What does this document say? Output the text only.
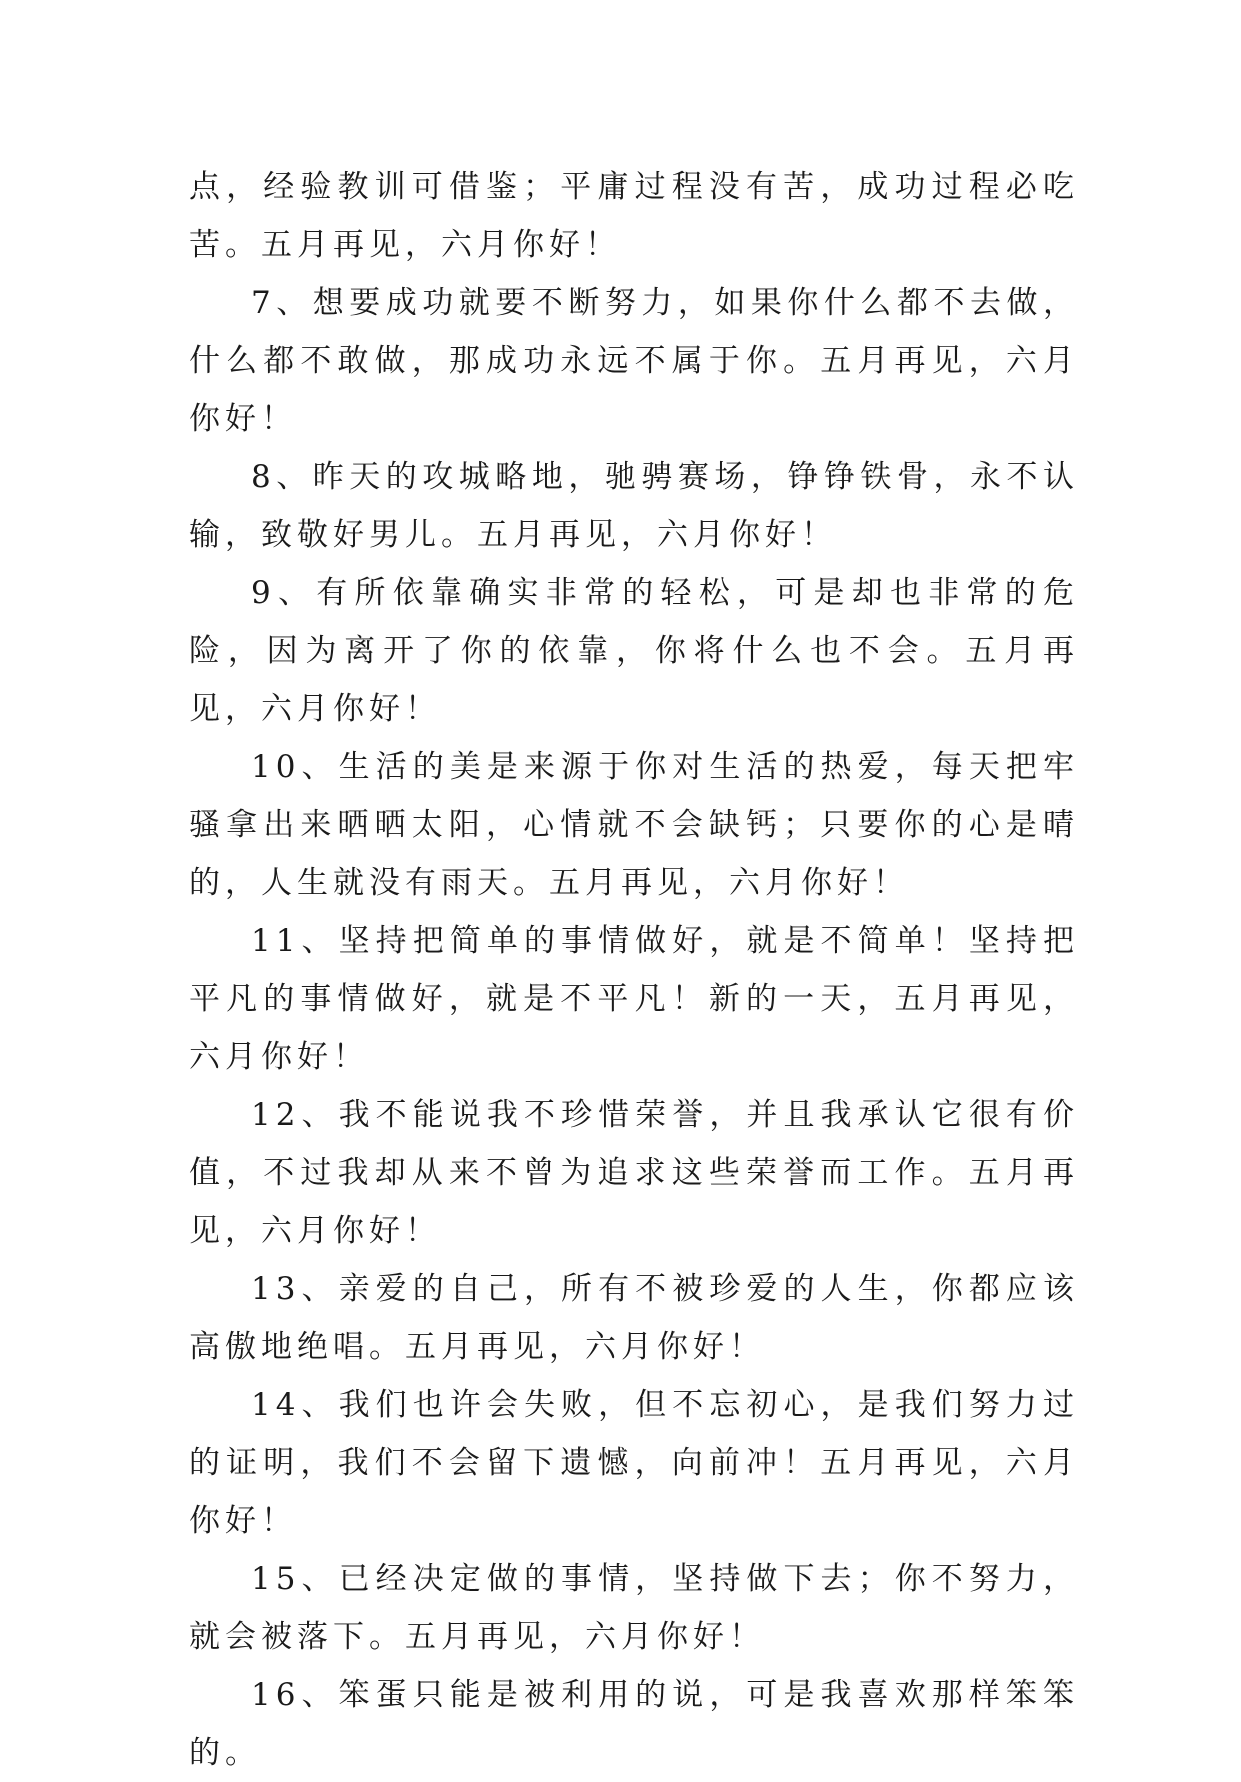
点，经验教训可借鉴；平庸过程没有苦，成功过程必吃苦。五月再见，六月你好！

7、想要成功就要不断努力，如果你什么都不去做，什么都不敢做，那成功永远不属于你。五月再见，六月你好！

8、昨天的攻城略地，驰骋赛场，铮铮铁骨，永不认输，致敬好男儿。五月再见，六月你好！

9、有所依靠确实非常的轻松，可是却也非常的危险，因为离开了你的依靠，你将什么也不会。五月再见，六月你好！

10、生活的美是来源于你对生活的热爱，每天把牢骚拿出来晒晒太阳，心情就不会缺钙；只要你的心是晴的，人生就没有雨天。五月再见，六月你好！

11、坚持把简单的事情做好，就是不简单！坚持把平凡的事情做好，就是不平凡！新的一天，五月再见，六月你好！

12、我不能说我不珍惜荣誉，并且我承认它很有价值，不过我却从来不曾为追求这些荣誉而工作。五月再见，六月你好！

13、亲爱的自己，所有不被珍爱的人生，你都应该高傲地绝唱。五月再见，六月你好！

14、我们也许会失败，但不忘初心，是我们努力过的证明，我们不会留下遗憾，向前冲！五月再见，六月你好！

15、已经决定做的事情，坚持做下去；你不努力，就会被落下。五月再见，六月你好！

16、笨蛋只能是被利用的说，可是我喜欢那样笨笨的。
